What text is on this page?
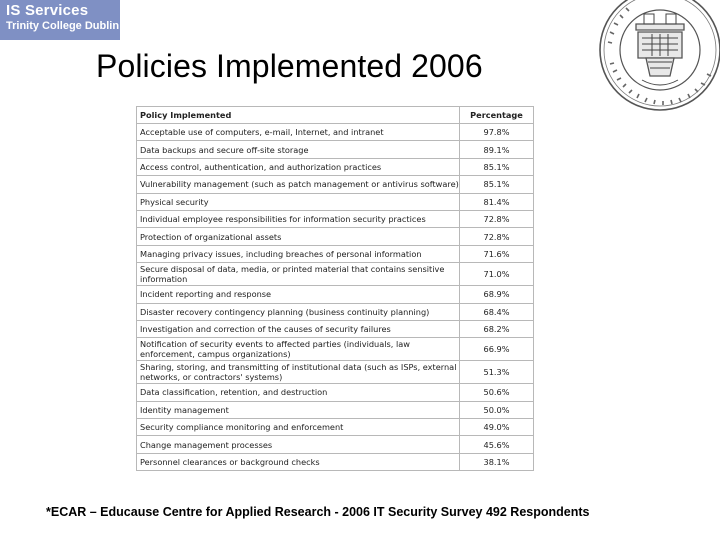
IS Services
Trinity College Dublin
Policies Implemented 2006
Policy Implemented	Percentage
Acceptable use of computers, e-mail, Internet, and intranet	97.8%
Data backups and secure off-site storage	89.1%
Access control, authentication, and authorization practices	85.1%
Vulnerability management (such as patch management or antivirus software)	85.1%
Physical security	81.4%
Individual employee responsibilities for information security practices	72.8%
Protection of organizational assets	72.8%
Managing privacy issues, including breaches of personal information	71.6%
Secure disposal of data, media, or printed material that contains sensitive information	71.0%
Incident reporting and response	68.9%
Disaster recovery contingency planning (business continuity planning)	68.4%
Investigation and correction of the causes of security failures	68.2%
Notification of security events to affected parties (individuals, law enforcement, campus organizations)	66.9%
Sharing, storing, and transmitting of institutional data (such as ISPs, external networks, or contractors' systems)	51.3%
Data classification, retention, and destruction	50.6%
Identity management	50.0%
Security compliance monitoring and enforcement	49.0%
Change management processes	45.6%
Personnel clearances or background checks	38.1%
*ECAR – Educause Centre for Applied Research - 2006 IT Security Survey 492 Respondents
